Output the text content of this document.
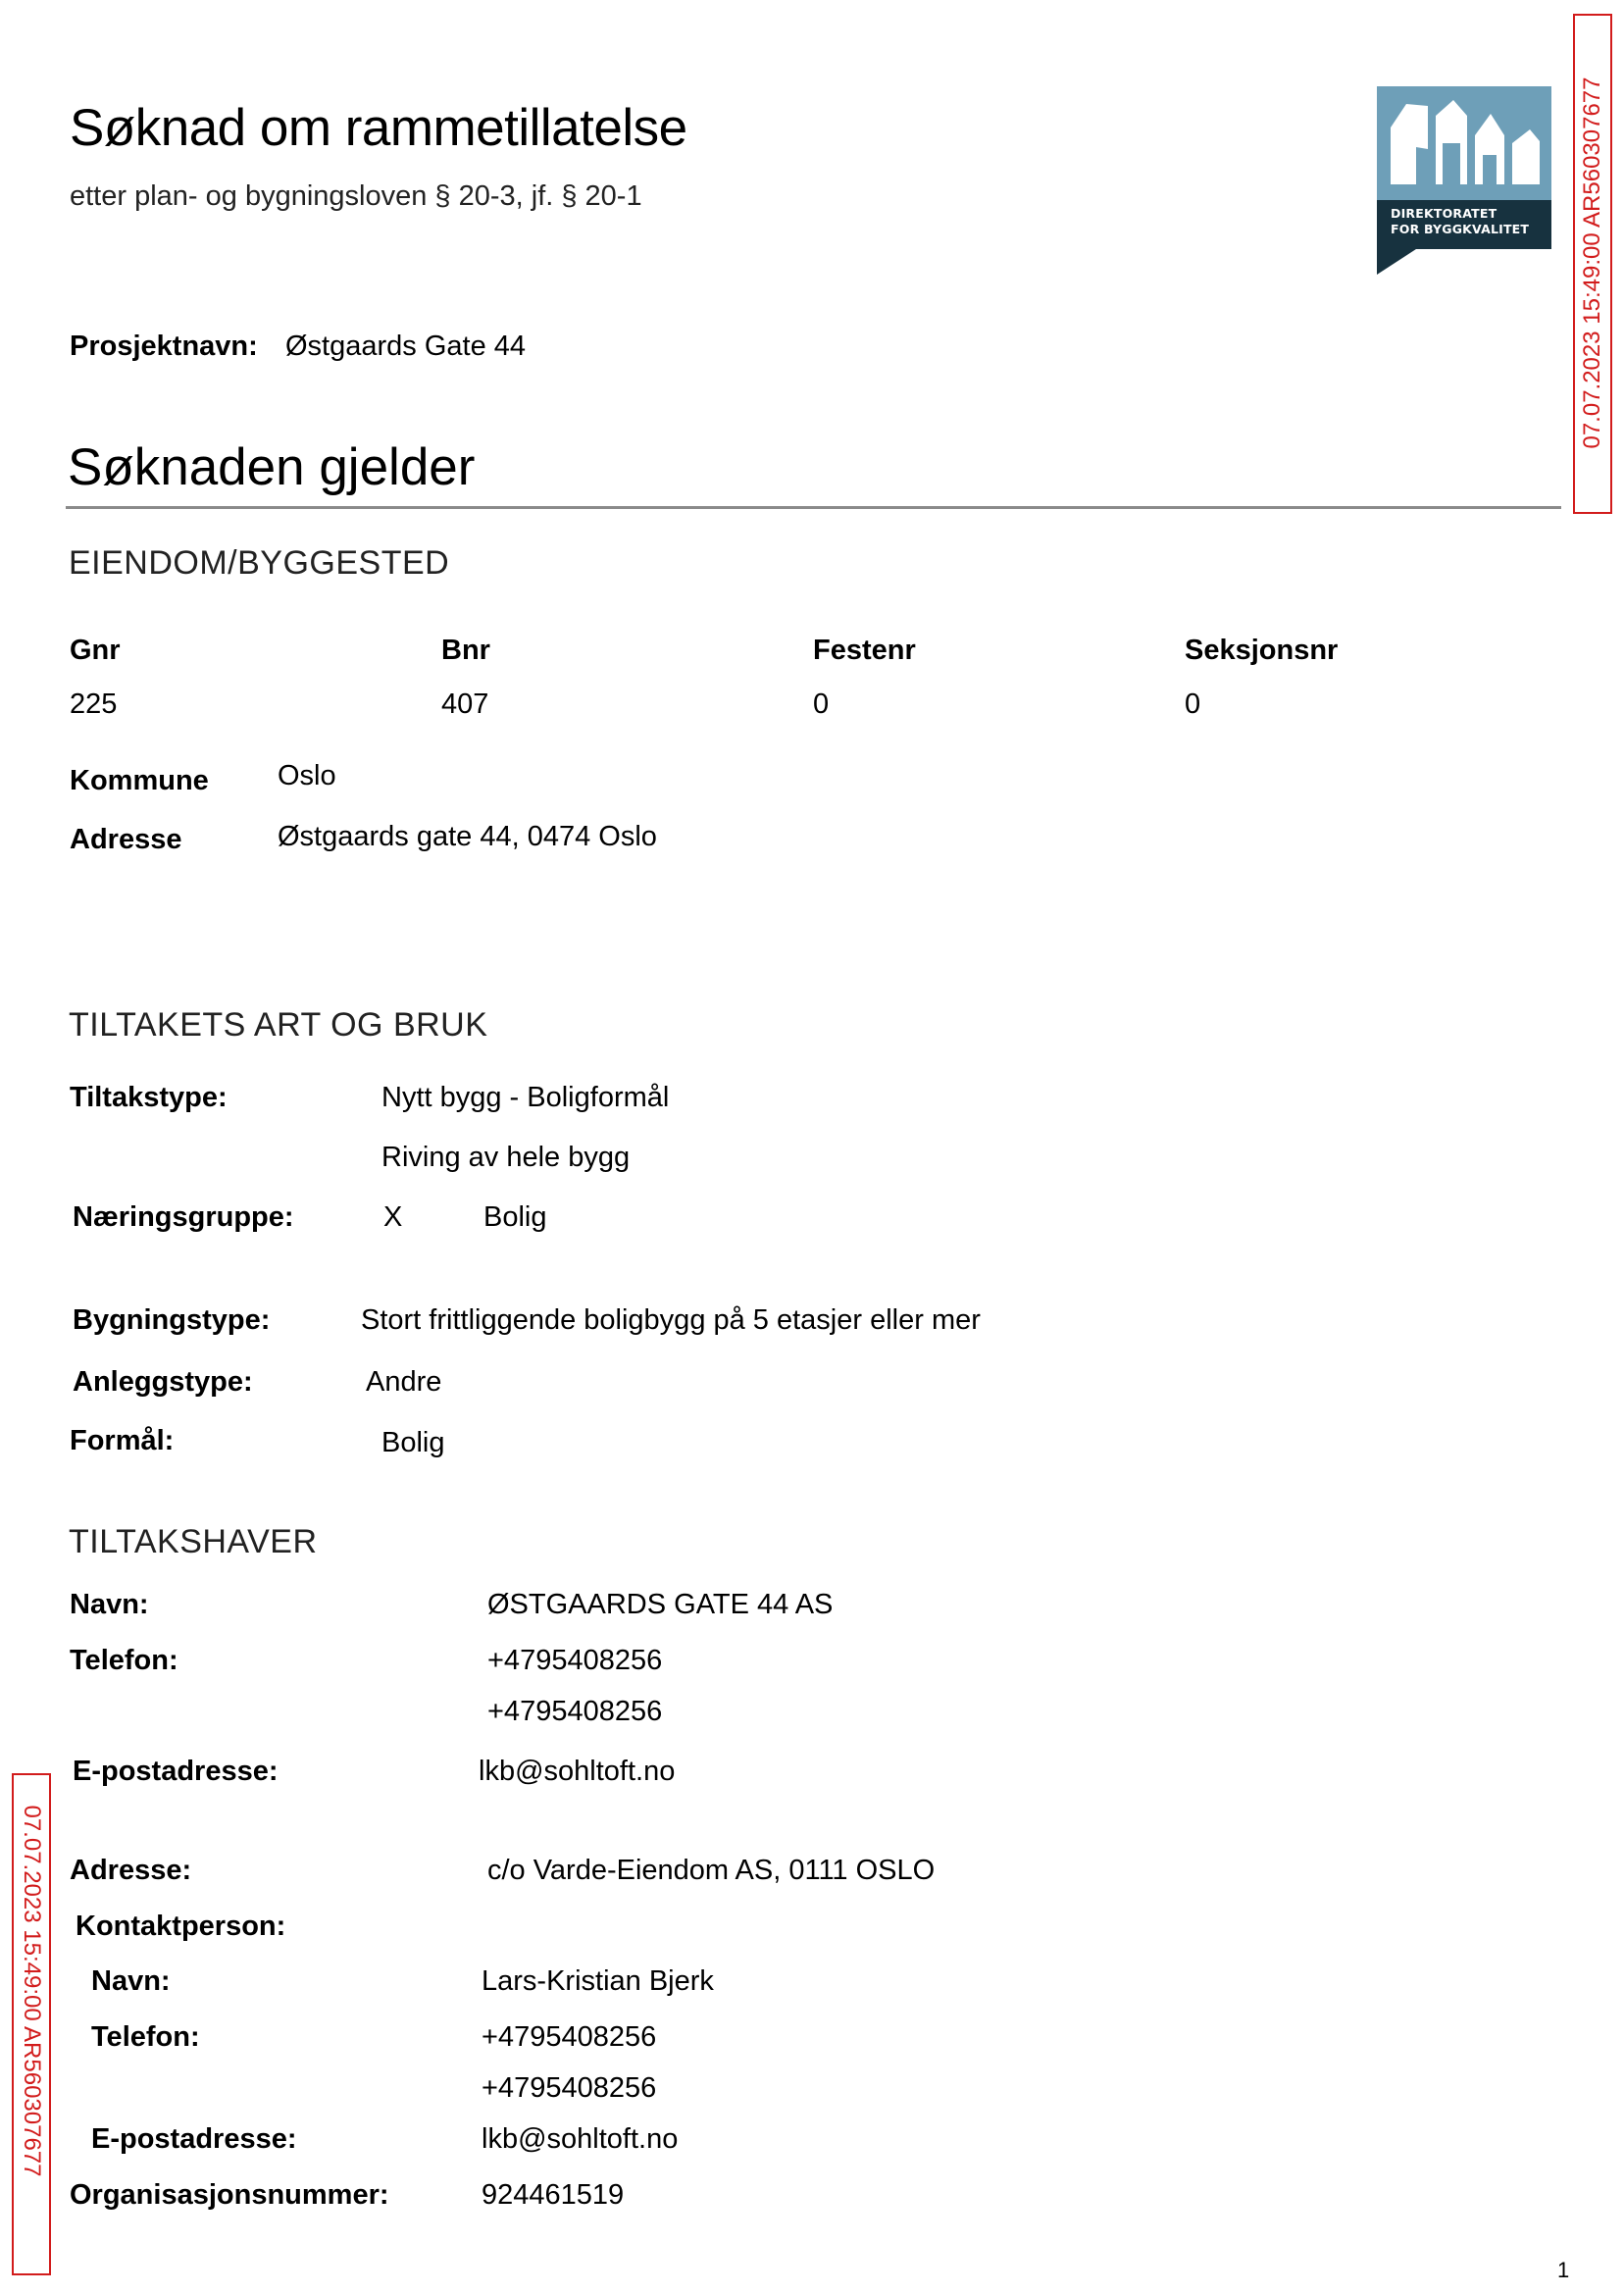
Søknad om rammetillatelse
etter plan- og bygningsloven § 20-3, jf. § 20-1
DIREKTORATET
FOR BYGGKVALITET
Prosjektnavn: Østgaards Gate 44
Søknaden gjelder
EIENDOM/BYGGESTED
Gnr	Bnr	Festenr	Seksjonsnr
225	407	0	0
Kommune Oslo
Adresse	Østgaards gate 44, 0474 Oslo
TILTAKETS ART OG BRUK
Tiltakstype:	Nytt bygg - Boligformål
Riving av hele bygg
Næringsgruppe:	X	Bolig
Bygningstype:	Stort frittliggende boligbygg på 5 etasjer eller mer
Anleggstype:	Andre
Formål:	Bolig
TILTAKSHAVER
Navn:	ØSTGAARDS GATE 44 AS
Telefon:	+4795408256
+4795408256
E-postadresse:	lkb@sohltoft.no
Adresse:	c/o Varde-Eiendom AS, 0111 OSLO
Kontaktperson:
Navn:	Lars-Kristian Bjerk
Telefon:	+4795408256
+4795408256
E-postadresse:	lkb@sohltoft.no
Organisasjonsnummer:	924461519
07.07.2023 15:49:00 AR560307677
07.07.2023 15:49:00 AR560307677
1
